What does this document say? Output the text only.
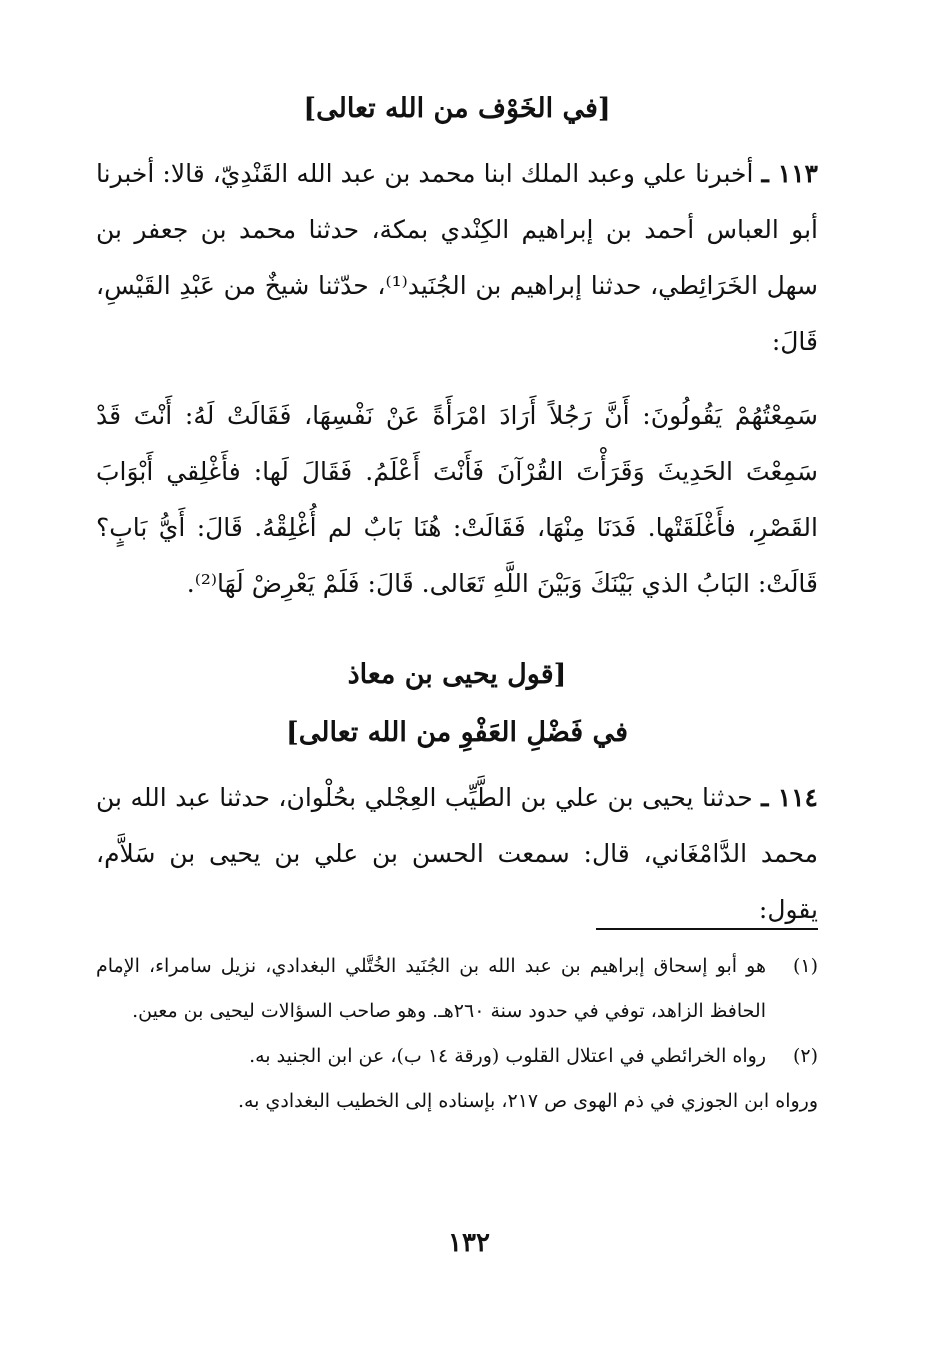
[في الخَوْف من الله تعالى]

١١٣ ـ أخبرنا علي وعبد الملك ابنا محمد بن عبد الله القَنْدِيّ، قالا: أخبرنا أبو العباس أحمد بن إبراهيم الكِنْدي بمكة، حدثنا محمد بن جعفر بن سهل الخَرَائِطي، حدثنا إبراهيم بن الجُنَيد⁽¹⁾، حدّثنا شيخٌ من عَبْدِ القَيْسِ، قَالَ:

سَمِعْتُهُمْ يَقُولُونَ: أَنَّ رَجُلاً أَرَادَ امْرَأَةً عَنْ نَفْسِهَا، فَقَالَتْ لَهُ: أَنْتَ قَدْ سَمِعْتَ الحَدِيثَ وَقَرَأْتَ القُرْآنَ فَأَنْتَ أَعْلَمُ. فَقَالَ لَها: فأَغْلِقي أَبْوَابَ القَصْرِ، فأَغْلَقَتْها. فَدَنَا مِنْهَا، فَقَالَتْ: هُنَا بَابٌ لم أُغْلِقْهُ. قَالَ: أَيُّ بَابٍ؟ قَالَتْ: البَابُ الذي بَيْنَكَ وَبَيْنَ اللَّهِ تَعَالى. قَالَ: فَلَمْ يَعْرِضْ لَهَا⁽²⁾.

[قول يحيى بن معاذ
في فَضْلِ العَفْوِ من الله تعالى]

١١٤ ـ حدثنا يحيى بن علي بن الطَّيِّب العِجْلي بحُلْوان، حدثنا عبد الله بن محمد الدَّامْغَاني، قال: سمعت الحسن بن علي بن يحيى بن سَلاَّم، يقول:

(١)
هو أبو إسحاق إبراهيم بن عبد الله بن الجُنَيد الخُتَّلي البغدادي، نزيل سامراء، الإمام الحافظ الزاهد، توفي في حدود سنة ٢٦٠هـ. وهو صاحب السؤالات ليحيى بن معين.
(٢)
رواه الخرائطي في اعتلال القلوب (ورقة ١٤ ب)، عن ابن الجنيد به.
ورواه ابن الجوزي في ذم الهوى ص ٢١٧، بإسناده إلى الخطيب البغدادي به.
١٣٢
